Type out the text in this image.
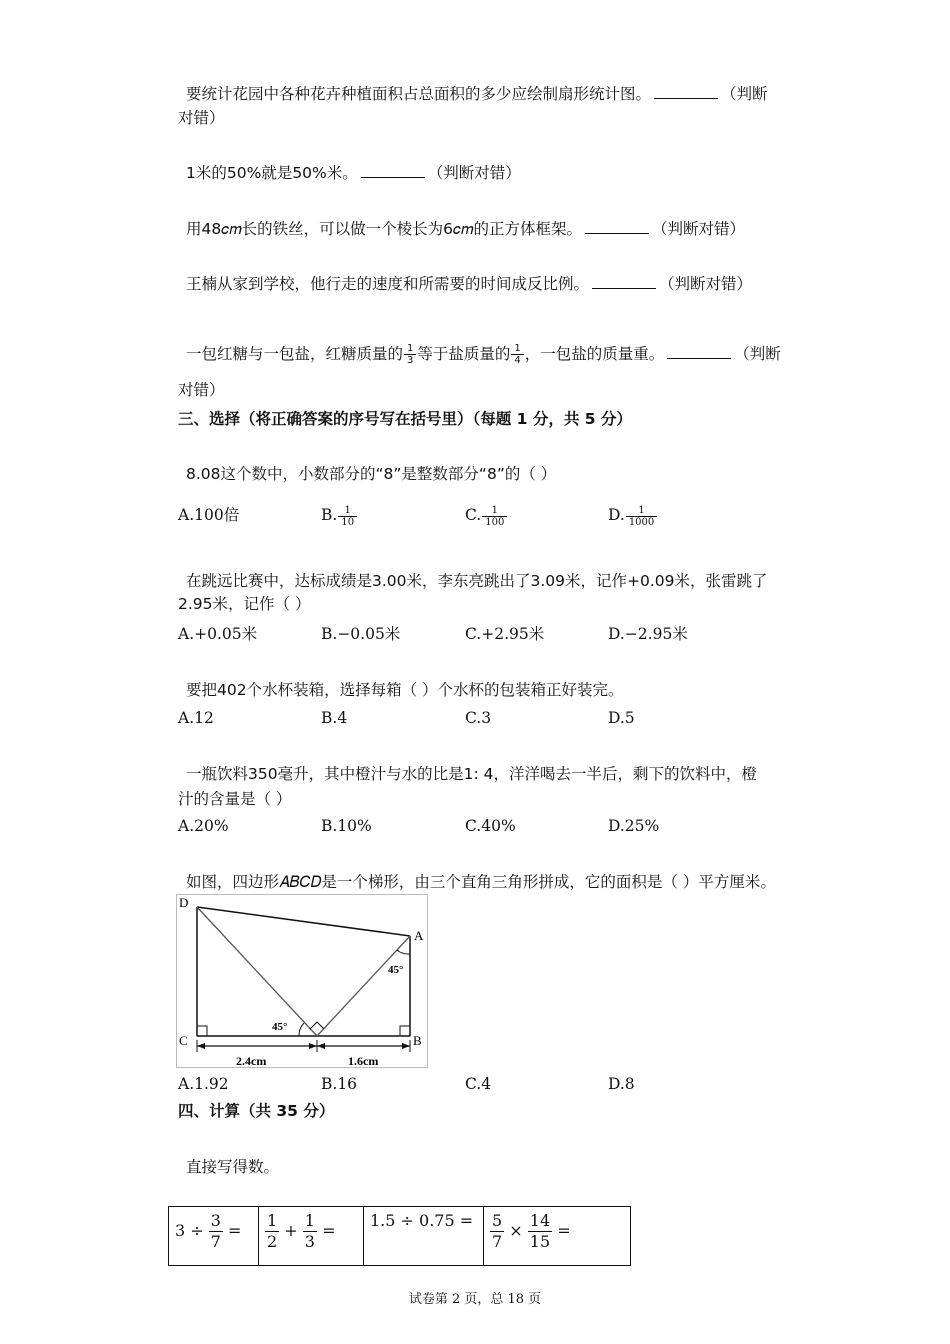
要统计花园中各种花卉种植面积占总面积的多少应绘制扇形统计图。	（判断
对错）
1米的50%就是50%米。	（判断对错）
用48𝑐𝑚长的铁丝，可以做一个棱长为6𝑐𝑚的正方体框架。	（判断对错）
王楠从家到学校，他行走的速度和所需要的时间成反比例。	（判断对错）
一包红糖与一包盐，红糖质量的 $\frac{1}{3}$ 等于盐质量的 $\frac{1}{4}$ ，一包盐的质量重。	（判断
对错）
三、选择（将正确答案的序号写在括号里）（每题 1 分，共 5 分）
8.08这个数中，小数部分的“8”是整数部分“8”的（ ）
A.100倍	B. $\frac{1}{10}$	C. $\frac{1}{100}$	D. $\frac{1}{1000}$
在跳远比赛中，达标成绩是3.00米，李东亮跳出了3.09米，记作+0.09米，张雷跳了
2.95米，记作（ ）
A.+0.05米	B.−0.05米	C.+2.95米	D.−2.95米
要把402个水杯装箱，选择每箱（ ）个水杯的包装箱正好装完。
A.12	B.4	C.3	D.5
一瓶饮料350毫升，其中橙汁与水的比是1: 4，洋洋喝去一半后，剩下的饮料中，橙
汁的含量是（ ）
A.20%	B.10%	C.40%	D.25%
如图，四边形𝐴𝐵𝐶𝐷是一个梯形，由三个直角三角形拼成，它的面积是（ ）平方厘米。
D
A
C	B
45°
45°
2.4cm	1.6cm
A.1.92	B.16	C.4	D.8
四、计算（共 35 分）
直接写得数。
$3 \div \frac{3}{7}$ =	$\frac{1}{2} + \frac{1}{3}$ =	1.5 ÷ 0.75 =	$\frac{5}{7} \times \frac{14}{15}$ =
试卷第 2 页，总 18 页
